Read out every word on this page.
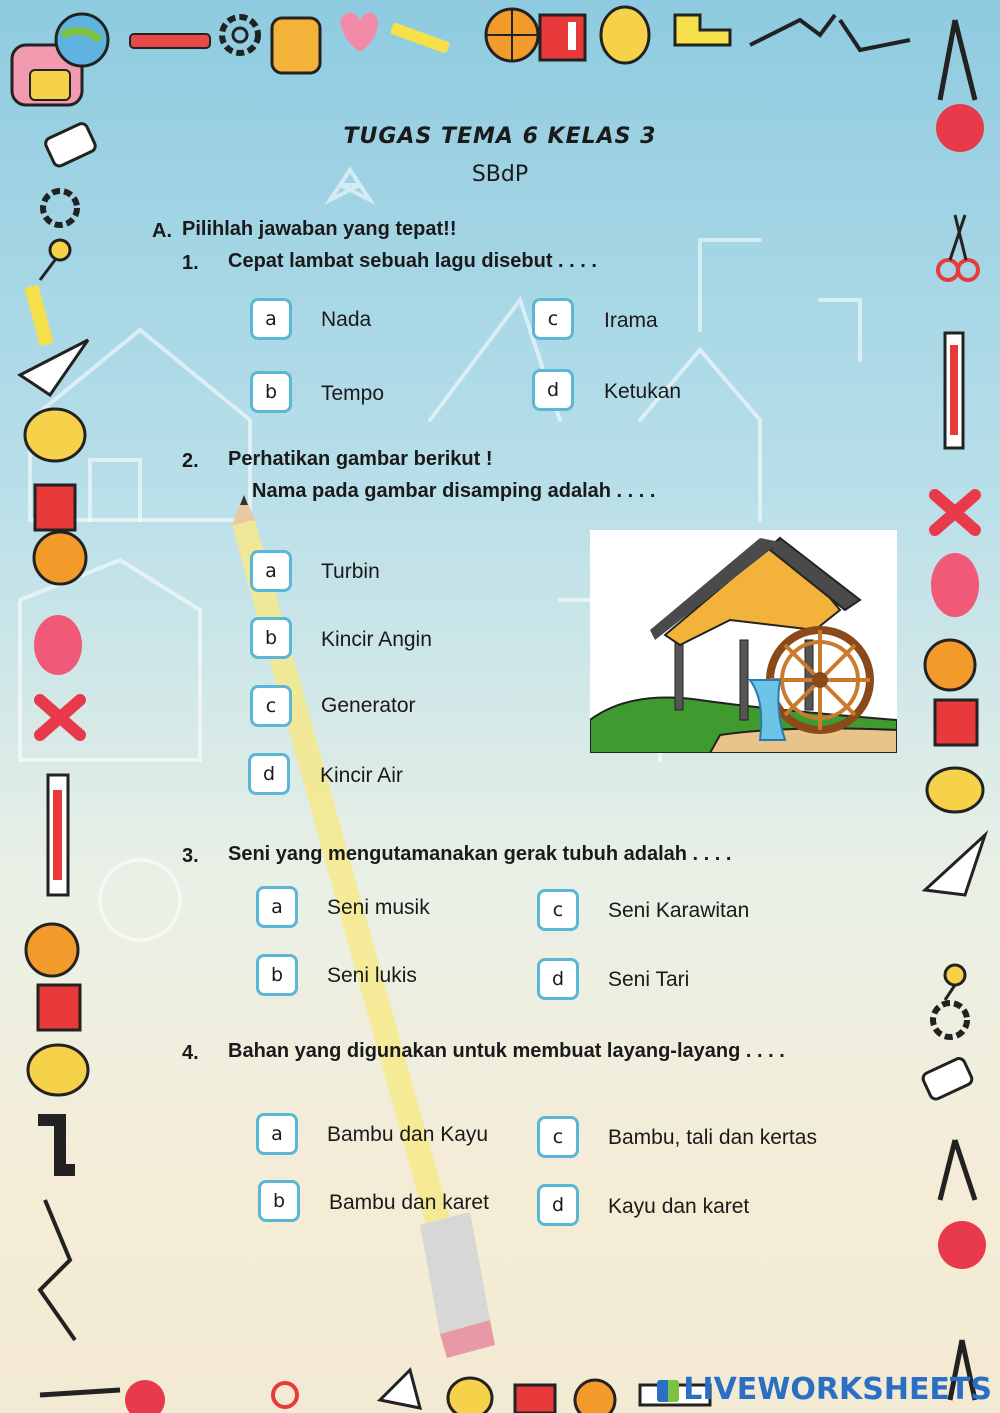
TUGAS TEMA 6 KELAS 3
SBdP
A. Pilihlah jawaban yang tepat!!
1. Cepat lambat sebuah lagu disebut . . . .
a	Nada
b	Tempo
c	Irama
d	Ketukan
2. Perhatikan gambar berikut !
Nama pada gambar disamping adalah . . . .
a	Turbin
b	Kincir Angin
c	Generator
d	Kincir Air
3. Seni yang mengutamanakan gerak tubuh adalah . . . .
a	Seni musik
b	Seni lukis
c	Seni Karawitan
d	Seni Tari
4. Bahan yang digunakan untuk membuat layang-layang . . . .
a	Bambu dan Kayu
b	Bambu dan karet
c	Bambu, tali dan kertas
d	Kayu dan karet
LIVEWORKSHEETS
